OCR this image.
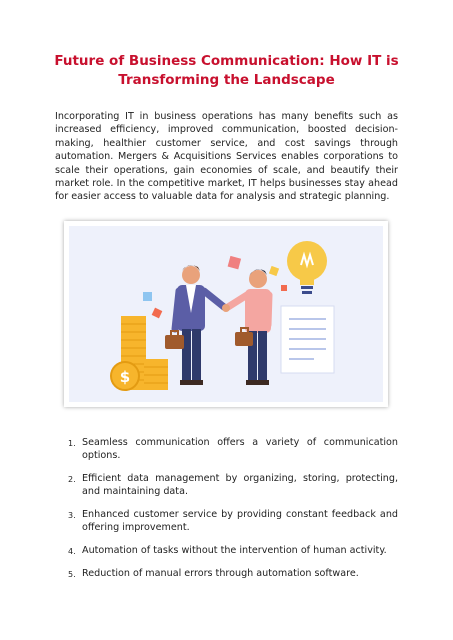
Future of Business Communication: How IT is Transforming the Landscape

Incorporating IT in business operations has many benefits such as increased efficiency, improved communication, boosted decision-making, healthier customer service, and cost savings through automation. Mergers & Acquisitions Services enables corporations to scale their operations, gain economies of scale, and beautify their market role. In the competitive market, IT helps businesses stay ahead for easier access to valuable data for analysis and strategic planning.

$
1. Seamless communication offers a variety of communication options.
2. Efficient data management by organizing, storing, protecting, and maintaining data.
3. Enhanced customer service by providing constant feedback and offering improvement.
4. Automation of tasks without the intervention of human activity.
5. Reduction of manual errors through automation software.
